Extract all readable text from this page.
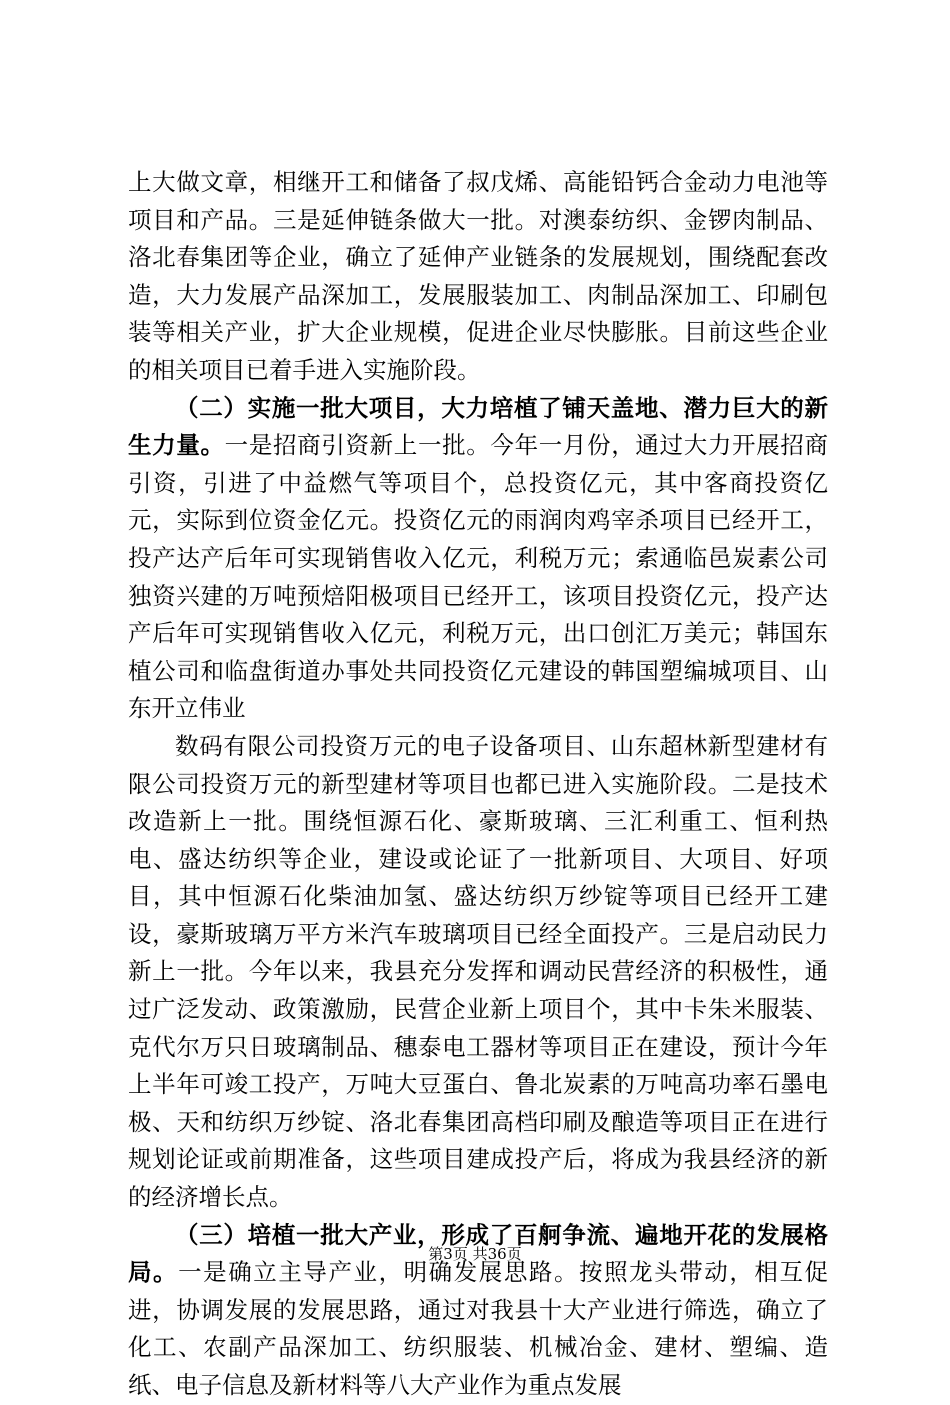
上大做文章，相继开工和储备了叔戊烯、高能铅钙合金动力电池等项目和产品。三是延伸链条做大一批。对澳泰纺织、金锣肉制品、洛北春集团等企业，确立了延伸产业链条的发展规划，围绕配套改造，大力发展产品深加工，发展服装加工、肉制品深加工、印刷包装等相关产业，扩大企业规模，促进企业尽快膨胀。目前这些企业的相关项目已着手进入实施阶段。

（二）实施一批大项目，大力培植了铺天盖地、潜力巨大的新生力量。一是招商引资新上一批。今年一月份，通过大力开展招商引资，引进了中益燃气等项目个，总投资亿元，其中客商投资亿元，实际到位资金亿元。投资亿元的雨润肉鸡宰杀项目已经开工，投产达产后年可实现销售收入亿元，利税万元；索通临邑炭素公司独资兴建的万吨预焙阳极项目已经开工，该项目投资亿元，投产达产后年可实现销售收入亿元，利税万元，出口创汇万美元；韩国东植公司和临盘街道办事处共同投资亿元建设的韩国塑编城项目、山东开立伟业

数码有限公司投资万元的电子设备项目、山东超林新型建材有限公司投资万元的新型建材等项目也都已进入实施阶段。二是技术改造新上一批。围绕恒源石化、豪斯玻璃、三汇利重工、恒利热电、盛达纺织等企业，建设或论证了一批新项目、大项目、好项目，其中恒源石化柴油加氢、盛达纺织万纱锭等项目已经开工建设，豪斯玻璃万平方米汽车玻璃项目已经全面投产。三是启动民力新上一批。今年以来，我县充分发挥和调动民营经济的积极性，通过广泛发动、政策激励，民营企业新上项目个，其中卡朱米服装、克代尔万只日玻璃制品、穗泰电工器材等项目正在建设，预计今年上半年可竣工投产，万吨大豆蛋白、鲁北炭素的万吨高功率石墨电极、天和纺织万纱锭、洛北春集团高档印刷及酿造等项目正在进行规划论证或前期准备，这些项目建成投产后，将成为我县经济的新的经济增长点。

（三）培植一批大产业，形成了百舸争流、遍地开花的发展格局。一是确立主导产业，明确发展思路。按照龙头带动，相互促进，协调发展的发展思路，通过对我县十大产业进行筛选，确立了化工、农副产品深加工、纺织服装、机械冶金、建材、塑编、造纸、电子信息及新材料等八大产业作为重点发展

第3页 共36页
